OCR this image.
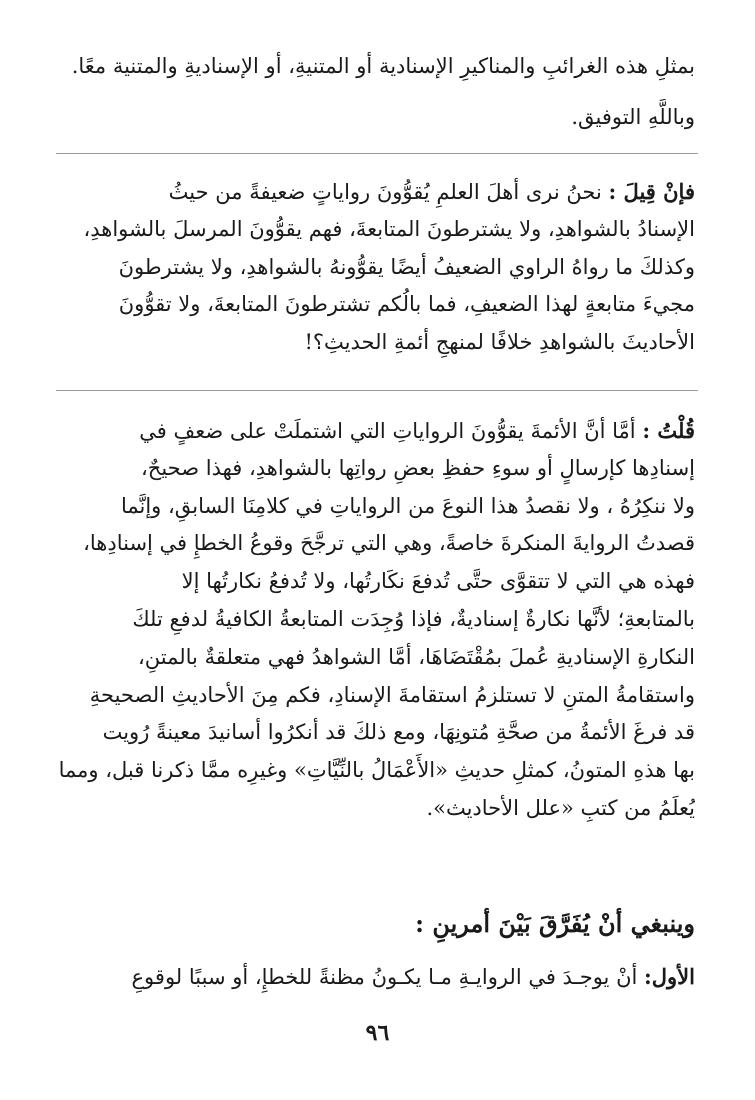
بمثلِ هذه الغرائبِ والمناكيرِ الإسنادية أو المتنيةِ، أو الإسناديةِ والمتنية معًا.
وباللَّهِ التوفيق.
فإنْ قِيلَ : نحنُ نرى أهلَ العلمِ يُقوُّونَ رواياتٍ ضعيفةً من حيثُ
الإسنادُ بالشواهدِ، ولا يشترطونَ المتابعةَ، فهم يقوُّونَ المرسلَ بالشواهدِ،
وكذلكَ ما رواهُ الراوي الضعيفُ أيضًا يقوُّونهُ بالشواهدِ، ولا يشترطونَ
مجيءَ متابعةٍ لهذا الضعيفِ، فما بالُكم تشترطونَ المتابعةَ، ولا تقوُّونَ
الأحاديثَ بالشواهدِ خلافًا لمنهجِ أئمةِ الحديثِ؟!
قُلْتُ : أمَّا أنَّ الأئمةَ يقوُّونَ الرواياتِ التي اشتملَتْ على ضعفٍ في
إسنادِها كإرسالٍ أو سوءِ حفظِ بعضِ رواتِها بالشواهدِ، فهذا صحيحٌ،
ولا ننكِرُهُ ، ولا نقصدُ هذا النوعَ من الرواياتِ في كلامِنَا السابقِ، وإنَّما
قصدتُ الروايةَ المنكرةَ خاصةً، وهي التي ترجَّحَ وقوعُ الخطإِ في إسنادِها،
فهذه هي التي لا تتقوَّى حتَّى تُدفعَ نكَارتُها، ولا تُدفعُ نكارتُها إلا
بالمتابعةِ؛ لأنَّها نكارةٌ إسناديةٌ، فإذا وُجِدَت المتابعةُ الكافيةُ لدفعِ تلكَ
النكارةِ الإسناديةِ عُملَ بمُقْتَضَاهَا، أمَّا الشواهدُ فهي متعلقةٌ بالمتنِ،
واستقامةُ المتنِ لا تستلزمُ استقامةَ الإسنادِ، فكم مِنَ الأحاديثِ الصحيحةِ
قد فرغَ الأئمةُ من صحَّةِ مُتونِهَا، ومع ذلكَ قد أنكرُوا أسانيدَ معينةً رُويت
بها هذهِ المتونُ، كمثلِ حديثِ «الأَعْمَالُ بالنِّيَّاتِ» وغيرِه ممَّا ذكرنا قبل، ومما
يُعلَمُ من كتبِ «علل الأحاديث».
وينبغي أنْ يُفَرَّقَ بَيْنَ أمرينِ :
الأول: أنْ يوجـدَ في الروايـةِ مـا يكـونُ مظنةً للخطإِ، أو سببًا لوقوعِ
٩٦
